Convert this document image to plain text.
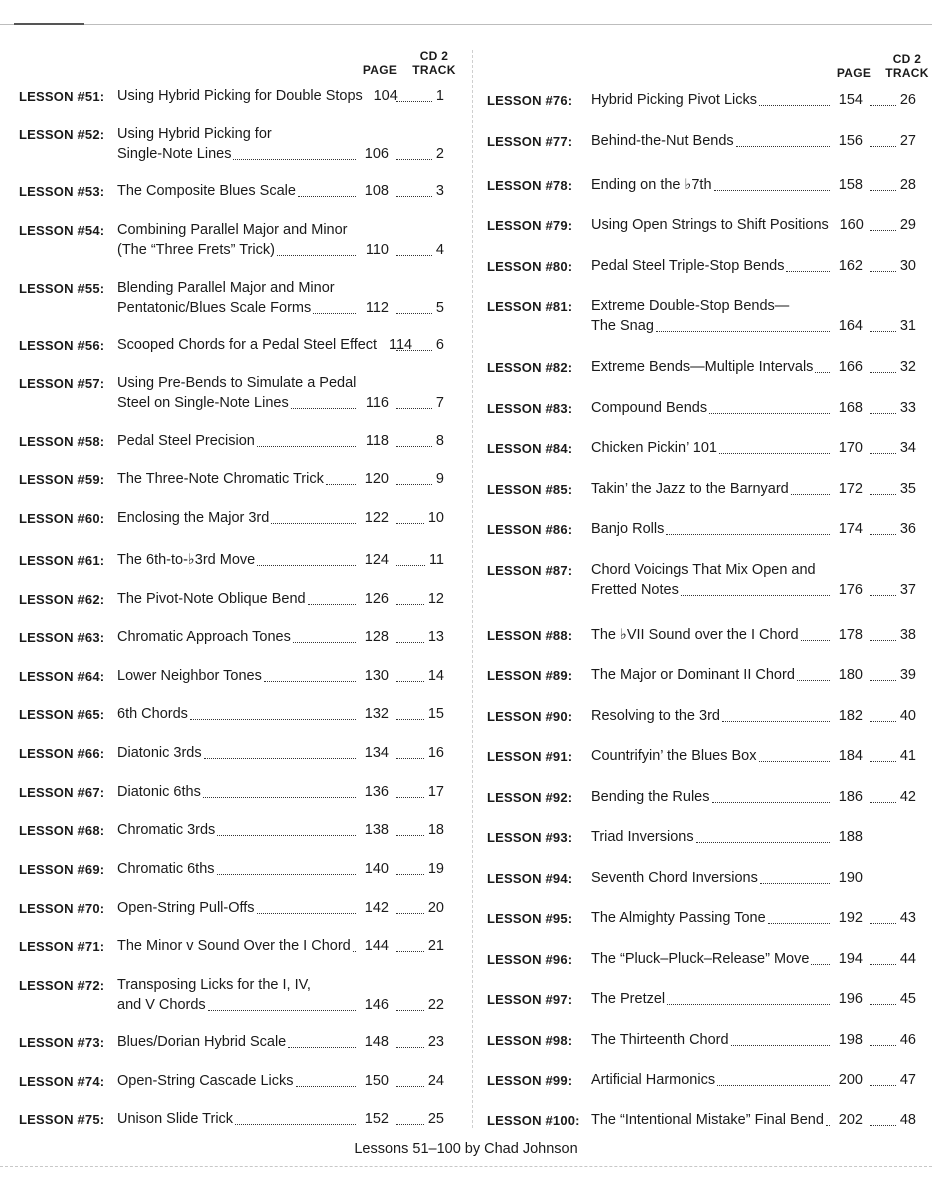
PAGE
CD 2
TRACK	PAGE
CD 2
TRACK
LESSON #51: Using Hybrid Picking for Double Stops 104	1
LESSON #52: Using Hybrid Picking for
Single-Note Lines	106	2
LESSON #53: The Composite Blues Scale	108	3
LESSON #54: Combining Parallel Major and Minor
(The “Three Frets” Trick)	110	4
LESSON #55: Blending Parallel Major and Minor
Pentatonic/Blues Scale Forms	112	5
LESSON #56: Scooped Chords for a Pedal Steel Effect 114 6
LESSON #57: Using Pre-Bends to Simulate a Pedal
Steel on Single-Note Lines	116	7
LESSON #58: Pedal Steel Precision	118	8
LESSON #59: The Three-Note Chromatic Trick	120	9
LESSON #60: Enclosing the Major 3rd	122	10
LESSON #61: The 6th-to-♭3rd Move	124	11
LESSON #62: The Pivot-Note Oblique Bend	126	12
LESSON #63: Chromatic Approach Tones	128	13
LESSON #64: Lower Neighbor Tones	130	14
LESSON #65: 6th Chords	132	15
LESSON #66: Diatonic 3rds	134	16
LESSON #67: Diatonic 6ths	136	17
LESSON #68: Chromatic 3rds	138	18
LESSON #69: Chromatic 6ths	140	19
LESSON #70: Open-String Pull-Offs	142	20
LESSON #71: The Minor v Sound Over the I Chord 144	21
LESSON #72: Transposing Licks for the I, IV,
and V Chords	146	22
LESSON #73: Blues/Dorian Hybrid Scale	148	23
LESSON #74: Open-String Cascade Licks	150	24
LESSON #75: Unison Slide Trick	152	25
LESSON #76: Hybrid Picking Pivot Licks	154	26
LESSON #77: Behind-the-Nut Bends	156	27
LESSON #78: Ending on the ♭7th	158	28
LESSON #79: Using Open Strings to Shift Positions 160 29
LESSON #80: Pedal Steel Triple-Stop Bends	162	30
LESSON #81: Extreme Double-Stop Bends—
The Snag	164	31
LESSON #82: Extreme Bends—Multiple Intervals	166	32
LESSON #83: Compound Bends	168	33
LESSON #84: Chicken Pickin’ 101	170	34
LESSON #85: Takin’ the Jazz to the Barnyard	172	35
LESSON #86: Banjo Rolls	174	36
LESSON #87: Chord Voicings That Mix Open and
Fretted Notes	176	37
LESSON #88: The ♭VII Sound over the I Chord	178	38
LESSON #89: The Major or Dominant II Chord	180	39
LESSON #90: Resolving to the 3rd	182	40
LESSON #91: Countrifyin’ the Blues Box	184	41
LESSON #92: Bending the Rules	186	42
LESSON #93: Triad Inversions	188
LESSON #94: Seventh Chord Inversions	190
LESSON #95: The Almighty Passing Tone	192	43
LESSON #96: The “Pluck–Pluck–Release” Move	194	44
LESSON #97: The Pretzel	196	45
LESSON #98: The Thirteenth Chord	198	46
LESSON #99: Artificial Harmonics	200	47
LESSON #100: The “Intentional Mistake” Final Bend	202	48
Lessons 51–100 by Chad Johnson
